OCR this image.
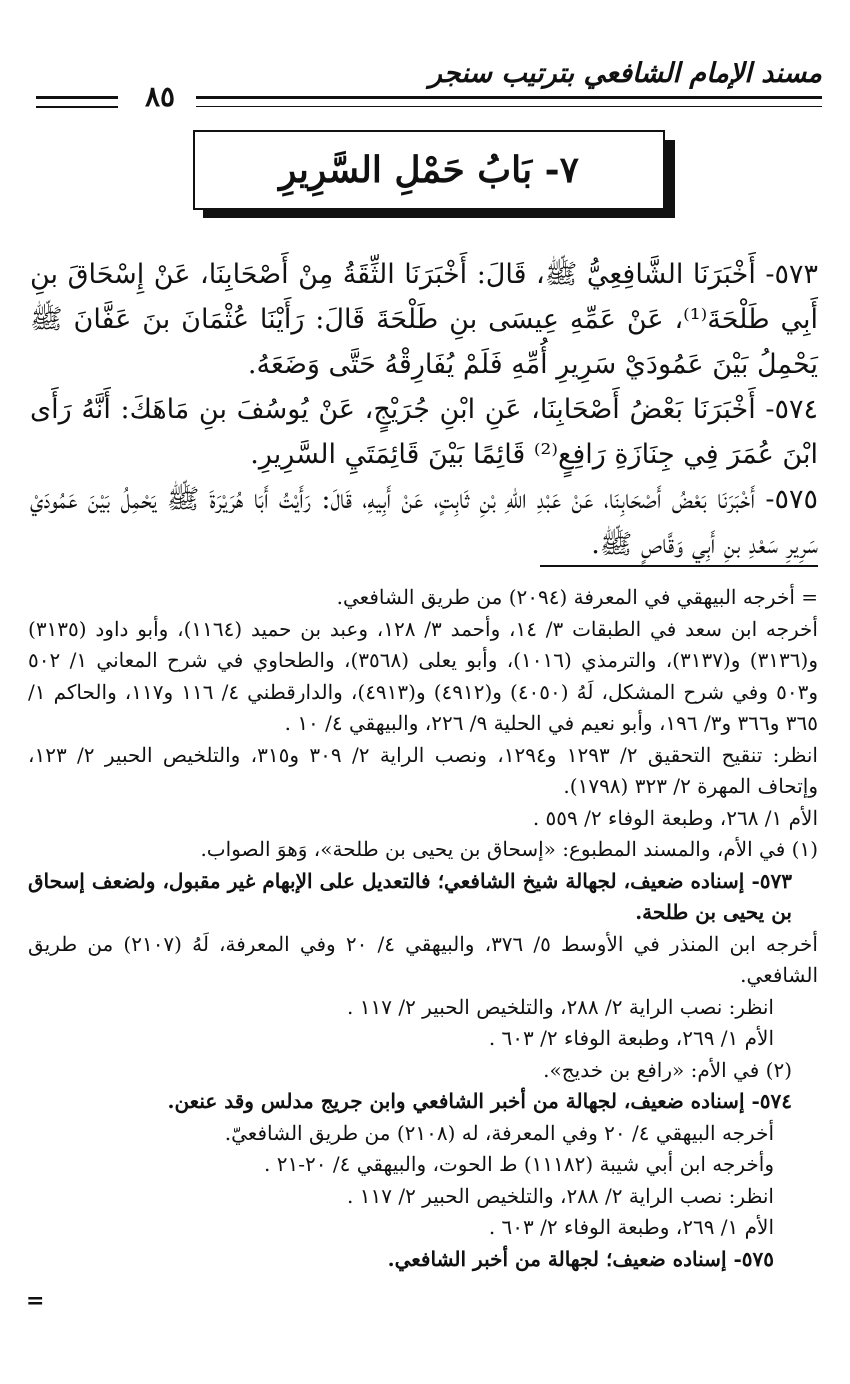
مسند الإمام الشافعي بترتيب سنجر
٨٥
٧- بَابُ حَمْلِ السَّرِيرِ

٥٧٣- أَخْبَرَنَا الشَّافِعِيُّ ﷺ، قَالَ: أَخْبَرَنَا الثِّقَةُ مِنْ أَصْحَابِنَا، عَنْ إِسْحَاقَ بنِ أَبِي طَلْحَةَ⁽¹⁾، عَنْ عَمِّهِ عِيسَى بنِ طَلْحَةَ قَالَ: رَأَيْنَا عُثْمَانَ بنَ عَفَّانَ ﷺ يَحْمِلُ بَيْنَ عَمُودَيْ سَرِيرِ أُمِّهِ فَلَمْ يُفَارِقْهُ حَتَّى وَضَعَهُ.

٥٧٤- أَخْبَرَنَا بَعْضُ أَصْحَابِنَا، عَنِ ابْنِ جُرَيْجٍ، عَنْ يُوسُفَ بنِ مَاهَكَ: أَنَّهُ رَأَى ابْنَ عُمَرَ فِي جِنَازَةِ رَافِعٍ⁽²⁾ قَائِمًا بَيْنَ قَائِمَتَيِ السَّرِيرِ.

٥٧٥- أَخْبَرَنَا بَعْضُ أَصْحَابِنَا، عَنْ عَبْدِ اللهِ بْنِ ثَابِتٍ، عَنْ أَبِيهِ، قَالَ: رَأَيْتُ أَبَا هُرَيْرَةَ ﷺ يَحْمِلُ بَيْنَ عَمُودَيْ سَرِيرِ سَعْدِ بنِ أَبِي وَقَّاصٍ ﷺ.

= أخرجه البيهقي في المعرفة (٢٠٩٤) من طريق الشافعي.

أخرجه ابن سعد في الطبقات ٣/ ١٤، وأحمد ٣/ ١٢٨، وعبد بن حميد (١١٦٤)، وأبو داود (٣١٣٥) و(٣١٣٦) و(٣١٣٧)، والترمذي (١٠١٦)، وأبو يعلى (٣٥٦٨)، والطحاوي في شرح المعاني ١/ ٥٠٢ و٥٠٣ وفي شرح المشكل، لَهُ (٤٠٥٠) و(٤٩١٢) و(٤٩١٣)، والدارقطني ٤/ ١١٦ و١١٧، والحاكم ١/ ٣٦٥ و٣٦٦ و٣/ ١٩٦، وأبو نعيم في الحلية ٩/ ٢٢٦، والبيهقي ٤/ ١٠ .

انظر: تنقيح التحقيق ٢/ ١٢٩٣ و١٢٩٤، ونصب الراية ٢/ ٣٠٩ و٣١٥، والتلخيص الحبير ٢/ ١٢٣، وإتحاف المهرة ٢/ ٣٢٣ (١٧٩٨).

الأم ١/ ٢٦٨، وطبعة الوفاء ٢/ ٥٥٩ .

(١) في الأم، والمسند المطبوع: «إسحاق بن يحيى بن طلحة»، وَهوَ الصواب.

٥٧٣- إسناده ضعيف، لجهالة شيخ الشافعي؛ فالتعديل على الإبهام غير مقبول، ولضعف إسحاق بن يحيى بن طلحة.

أخرجه ابن المنذر في الأوسط ٥/ ٣٧٦، والبيهقي ٤/ ٢٠ وفي المعرفة، لَهُ (٢١٠٧) من طريق الشافعي.

انظر: نصب الراية ٢/ ٢٨٨، والتلخيص الحبير ٢/ ١١٧ .

الأم ١/ ٢٦٩، وطبعة الوفاء ٢/ ٦٠٣ .

(٢) في الأم: «رافع بن خديج».

٥٧٤- إسناده ضعيف، لجهالة من أخبر الشافعي وابن جريج مدلس وقد عنعن.

أخرجه البيهقي ٤/ ٢٠ وفي المعرفة، له (٢١٠٨) من طريق الشافعيّ.

وأخرجه ابن أبي شيبة (١١١٨٢) ط الحوت، والبيهقي ٤/ ٢٠-٢١ .

انظر: نصب الراية ٢/ ٢٨٨، والتلخيص الحبير ٢/ ١١٧ .

الأم ١/ ٢٦٩، وطبعة الوفاء ٢/ ٦٠٣ .

٥٧٥- إسناده ضعيف؛ لجهالة من أخبر الشافعي.

=
